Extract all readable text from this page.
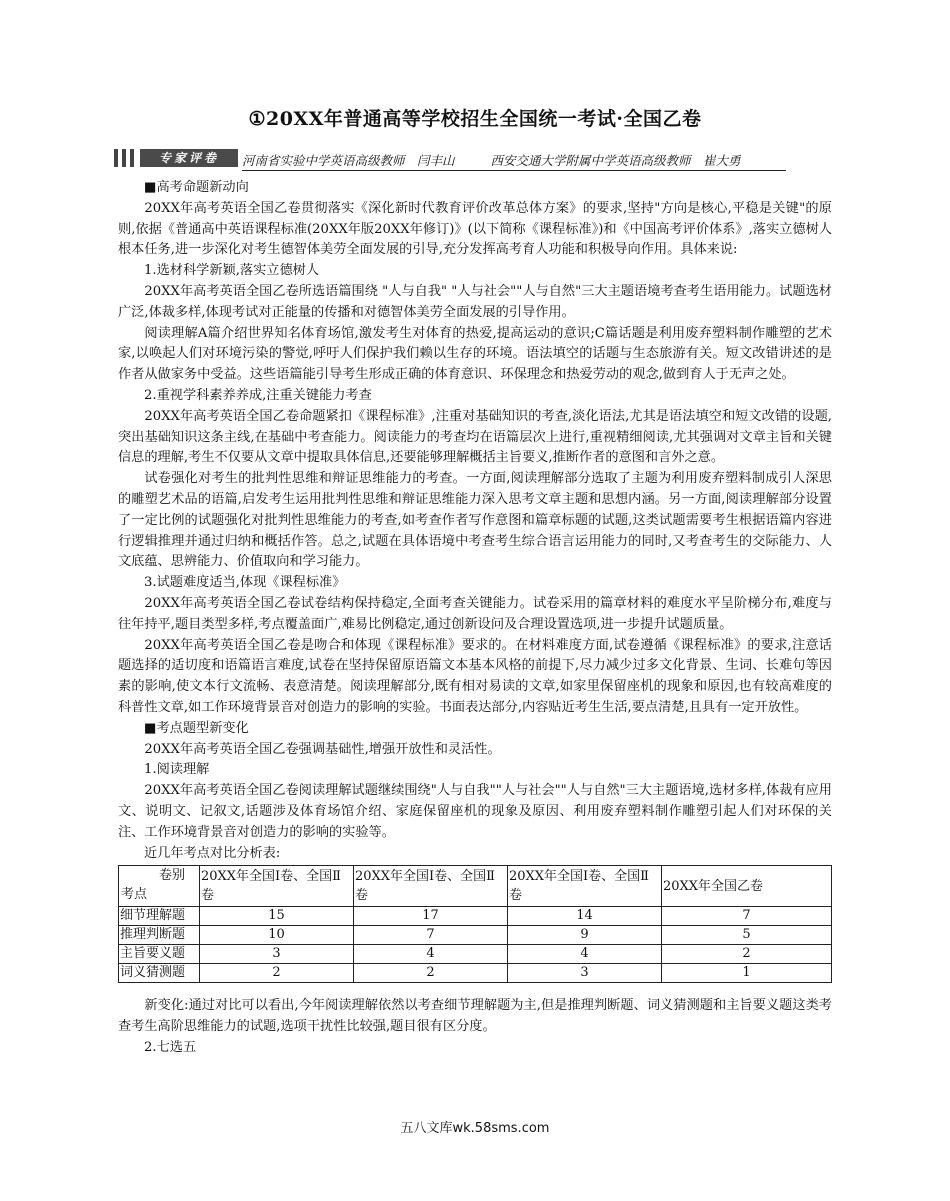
①20XX年普通高等学校招生全国统一考试·全国乙卷
专家评卷	河南省实验中学英语高级教师　闫丰山	西安交通大学附属中学英语高级教师　崔大勇

■高考命题新动向

20XX年高考英语全国乙卷贯彻落实《深化新时代教育评价改革总体方案》的要求,坚持"方向是核心,平稳是关键"的原则,依据《普通高中英语课程标准(20XX年版20XX年修订)》(以下简称《课程标准》)和《中国高考评价体系》,落实立德树人根本任务,进一步深化对考生德智体美劳全面发展的引导,充分发挥高考育人功能和积极导向作用。具体来说:

1.选材科学新颖,落实立德树人

20XX年高考英语全国乙卷所选语篇围绕 "人与自我" "人与社会""人与自然"三大主题语境考查考生语用能力。试题选材广泛,体裁多样,体现考试对正能量的传播和对德智体美劳全面发展的引导作用。

阅读理解A篇介绍世界知名体育场馆,激发考生对体育的热爱,提高运动的意识;C篇话题是利用废弃塑料制作雕塑的艺术家,以唤起人们对环境污染的警觉,呼吁人们保护我们赖以生存的环境。语法填空的话题与生态旅游有关。短文改错讲述的是作者从做家务中受益。这些语篇能引导考生形成正确的体育意识、环保理念和热爱劳动的观念,做到育人于无声之处。

2.重视学科素养养成,注重关键能力考查

20XX年高考英语全国乙卷命题紧扣《课程标准》,注重对基础知识的考查,淡化语法,尤其是语法填空和短文改错的设题,突出基础知识这条主线,在基础中考查能力。阅读能力的考查均在语篇层次上进行,重视精细阅读,尤其强调对文章主旨和关键信息的理解,考生不仅要从文章中提取具体信息,还要能够理解概括主旨要义,推断作者的意图和言外之意。

试卷强化对考生的批判性思维和辩证思维能力的考查。一方面,阅读理解部分选取了主题为利用废弃塑料制成引人深思的雕塑艺术品的语篇,启发考生运用批判性思维和辩证思维能力深入思考文章主题和思想内涵。另一方面,阅读理解部分设置了一定比例的试题强化对批判性思维能力的考查,如考查作者写作意图和篇章标题的试题,这类试题需要考生根据语篇内容进行逻辑推理并通过归纳和概括作答。总之,试题在具体语境中考查考生综合语言运用能力的同时,又考查考生的交际能力、人文底蕴、思辨能力、价值取向和学习能力。

3.试题难度适当,体现《课程标准》

20XX年高考英语全国乙卷试卷结构保持稳定,全面考查关键能力。试卷采用的篇章材料的难度水平呈阶梯分布,难度与往年持平,题目类型多样,考点覆盖面广,难易比例稳定,通过创新设问及合理设置选项,进一步提升试题质量。

20XX年高考英语全国乙卷是吻合和体现《课程标准》要求的。在材料难度方面,试卷遵循《课程标准》的要求,注意话题选择的适切度和语篇语言难度,试卷在坚持保留原语篇文本基本风格的前提下,尽力减少过多文化背景、生词、长难句等因素的影响,使文本行文流畅、表意清楚。阅读理解部分,既有相对易读的文章,如家里保留座机的现象和原因,也有较高难度的科普性文章,如工作环境背景音对创造力的影响的实验。书面表达部分,内容贴近考生生活,要点清楚,且具有一定开放性。

■考点题型新变化

20XX年高考英语全国乙卷强调基础性,增强开放性和灵活性。

1.阅读理解

20XX年高考英语全国乙卷阅读理解试题继续围绕"人与自我""人与社会""人与自然"三大主题语境,选材多样,体裁有应用文、说明文、记叙文,话题涉及体育场馆介绍、家庭保留座机的现象及原因、利用废弃塑料制作雕塑引起人们对环保的关注、工作环境背景音对创造力的影响的实验等。

近几年考点对比分析表:

卷别
考点	20XX年全国Ⅰ卷、全国Ⅱ卷	20XX年全国Ⅰ卷、全国Ⅱ卷	20XX年全国Ⅰ卷、全国Ⅱ卷	20XX年全国乙卷
细节理解题	15	17	14	7
推理判断题	10	7	9	5
主旨要义题	3	4	4	2
词义猜测题	2	2	3	1

新变化:通过对比可以看出,今年阅读理解依然以考查细节理解题为主,但是推理判断题、词义猜测题和主旨要义题这类考查考生高阶思维能力的试题,选项干扰性比较强,题目很有区分度。

2.七选五

五八文库wk.58sms.com
